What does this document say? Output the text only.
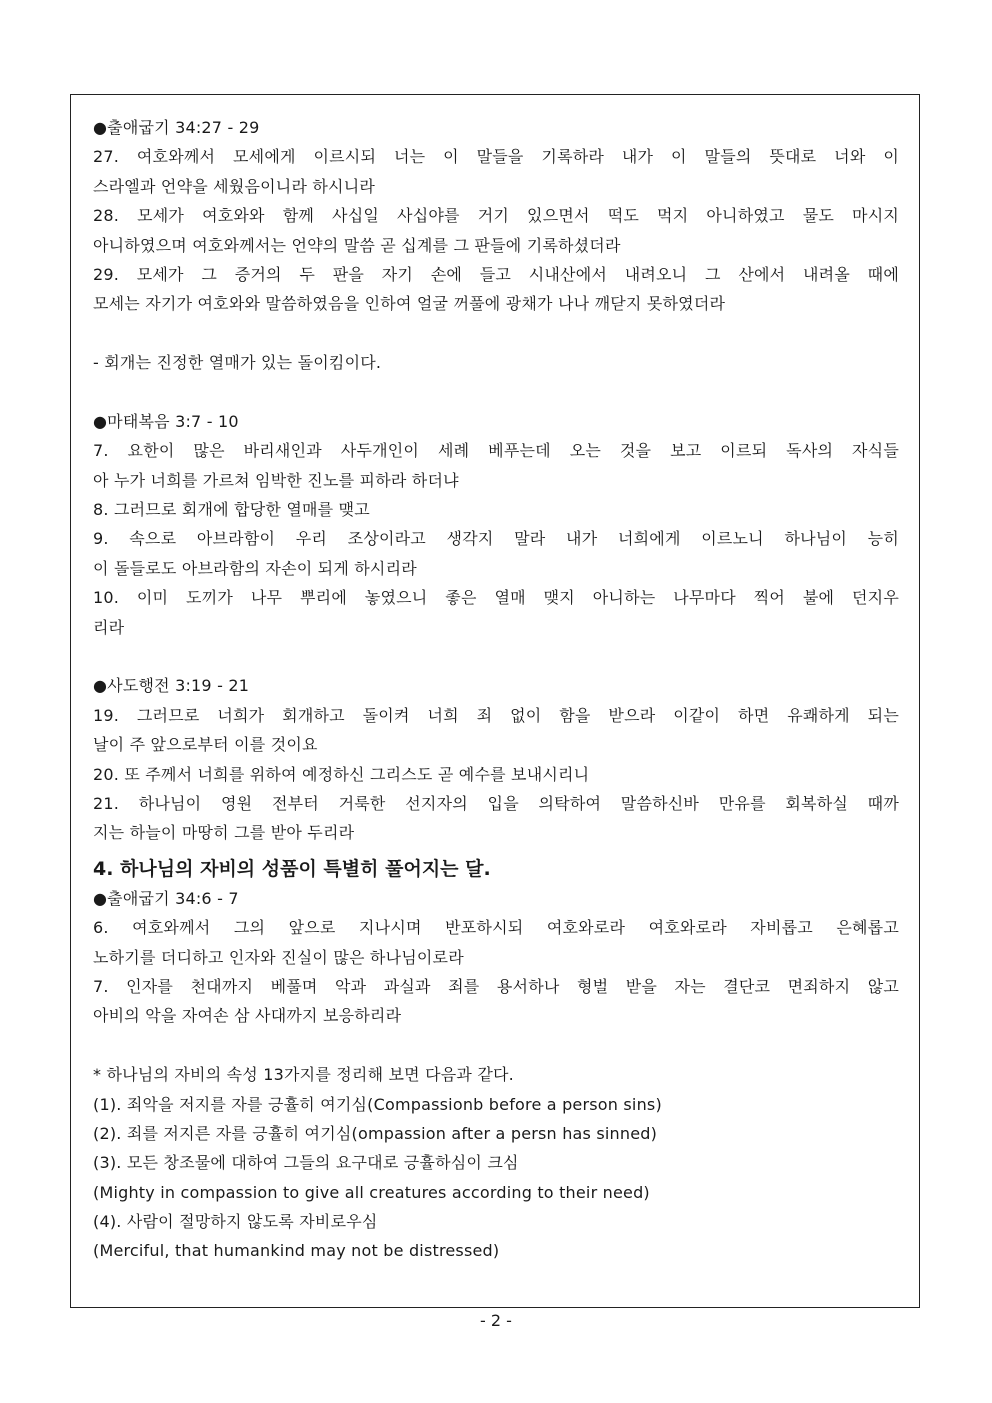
●출애굽기 34:27 - 29
27. 여호와께서 모세에게 이르시되 너는 이 말들을 기록하라 내가 이 말들의 뜻대로 너와 이
스라엘과 언약을 세웠음이니라 하시니라
28. 모세가 여호와와 함께 사십일 사십야를 거기 있으면서 떡도 먹지 아니하였고 물도 마시지
아니하였으며 여호와께서는 언약의 말씀 곧 십계를 그 판들에 기록하셨더라
29. 모세가 그 증거의 두 판을 자기 손에 들고 시내산에서 내려오니 그 산에서 내려올 때에
모세는 자기가 여호와와 말씀하였음을 인하여 얼굴 꺼풀에 광채가 나나 깨닫지 못하였더라
- 회개는 진정한 열매가 있는 돌이킴이다.
●마태복음 3:7 - 10
7. 요한이 많은 바리새인과 사두개인이 세례 베푸는데 오는 것을 보고 이르되 독사의 자식들
아 누가 너희를 가르쳐 임박한 진노를 피하라 하더냐
8. 그러므로 회개에 합당한 열매를 맺고
9. 속으로 아브라함이 우리 조상이라고 생각지 말라 내가 너희에게 이르노니 하나님이 능히
이 돌들로도 아브라함의 자손이 되게 하시리라
10. 이미 도끼가 나무 뿌리에 놓였으니 좋은 열매 맺지 아니하는 나무마다 찍어 불에 던지우
리라
●사도행전 3:19 - 21
19. 그러므로 너희가 회개하고 돌이켜 너희 죄 없이 함을 받으라 이같이 하면 유쾌하게 되는
날이 주 앞으로부터 이를 것이요
20. 또 주께서 너희를 위하여 예정하신 그리스도 곧 예수를 보내시리니
21. 하나님이 영원 전부터 거룩한 선지자의 입을 의탁하여 말씀하신바 만유를 회복하실 때까
지는 하늘이 마땅히 그를 받아 두리라
4. 하나님의 자비의 성품이 특별히 풀어지는 달.
●출애굽기 34:6 - 7
6. 여호와께서 그의 앞으로 지나시며 반포하시되 여호와로라 여호와로라 자비롭고 은혜롭고
노하기를 더디하고 인자와 진실이 많은 하나님이로라
7. 인자를 천대까지 베풀며 악과 과실과 죄를 용서하나 형벌 받을 자는 결단코 면죄하지 않고
아비의 악을 자여손 삼 사대까지 보응하리라
* 하나님의 자비의 속성 13가지를 정리해 보면 다음과 같다.
(1). 죄악을 저지를 자를 긍휼히 여기심(Compassionb before a person sins)
(2). 죄를 저지른 자를 긍휼히 여기심(ompassion after a persn has sinned)
(3). 모든 창조물에 대하여 그들의 요구대로 긍휼하심이 크심
(Mighty in compassion to give all creatures according to their need)
(4). 사람이 절망하지 않도록 자비로우심
(Merciful, that humankind may not be distressed)
- 2 -
